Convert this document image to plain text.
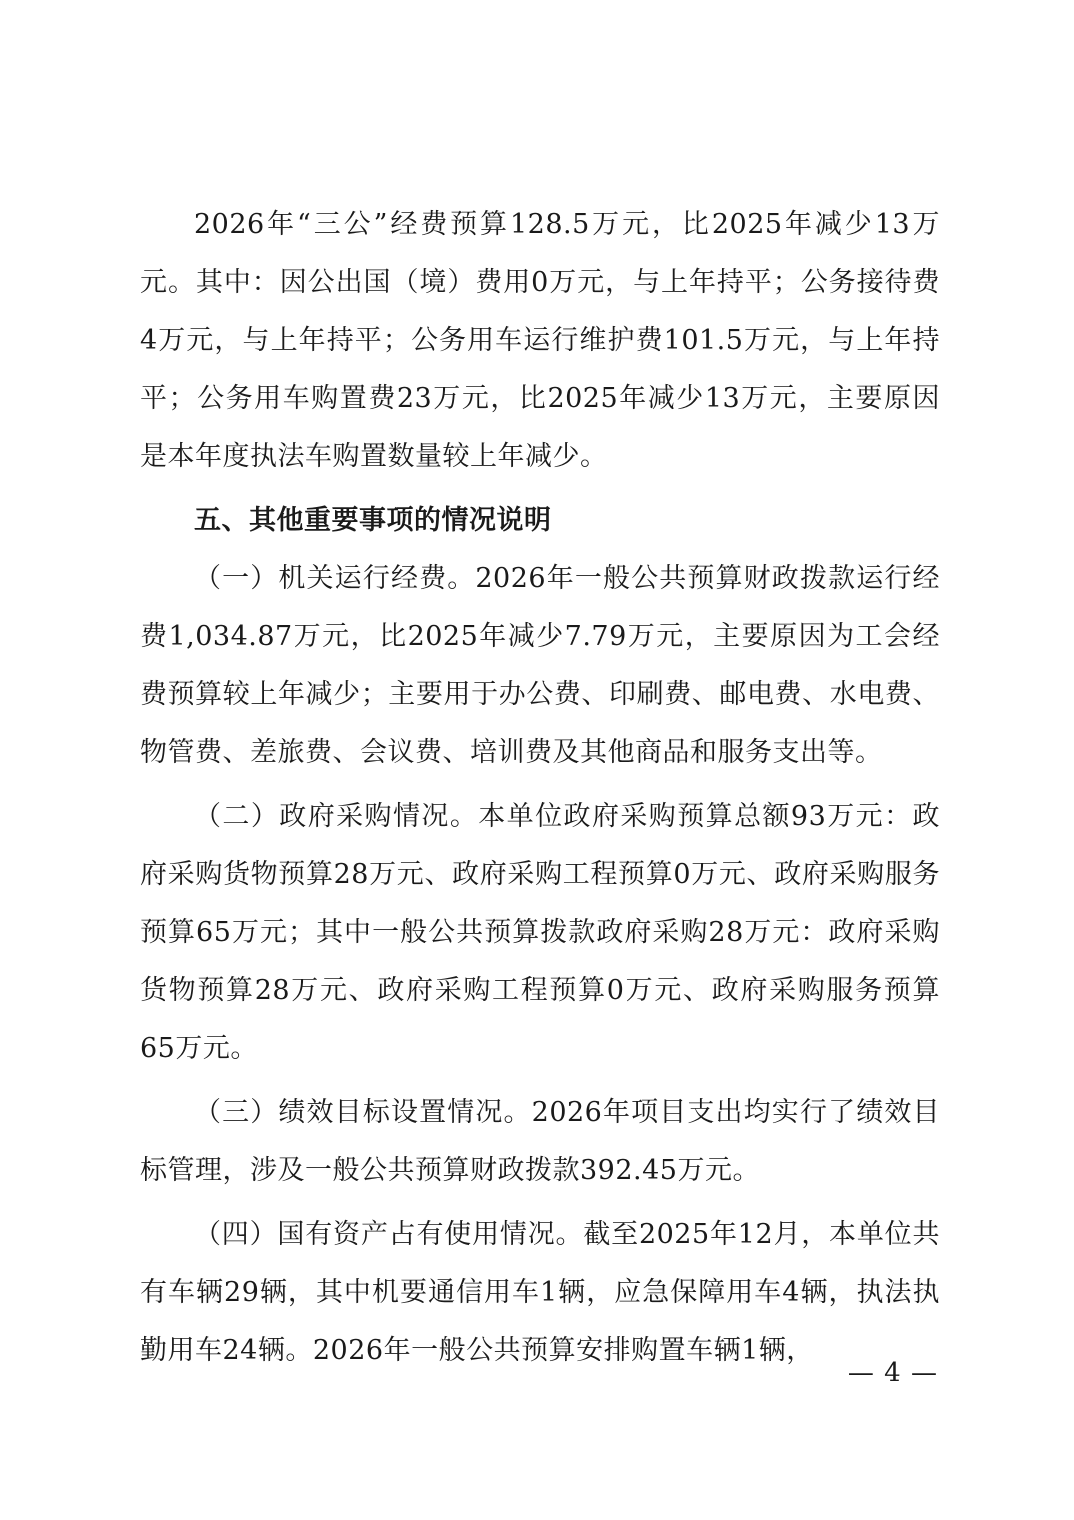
2026年“三公”经费预算128.5万元，比2025年减少13万元。其中：因公出国（境）费用0万元，与上年持平；公务接待费4万元，与上年持平；公务用车运行维护费101.5万元，与上年持平；公务用车购置费23万元，比2025年减少13万元，主要原因是本年度执法车购置数量较上年减少。

五、其他重要事项的情况说明

（一）机关运行经费。2026年一般公共预算财政拨款运行经费1,034.87万元，比2025年减少7.79万元，主要原因为工会经费预算较上年减少；主要用于办公费、印刷费、邮电费、水电费、物管费、差旅费、会议费、培训费及其他商品和服务支出等。

（二）政府采购情况。本单位政府采购预算总额93万元：政府采购货物预算28万元、政府采购工程预算0万元、政府采购服务预算65万元；其中一般公共预算拨款政府采购28万元：政府采购货物预算28万元、政府采购工程预算0万元、政府采购服务预算65万元。

（三）绩效目标设置情况。2026年项目支出均实行了绩效目标管理，涉及一般公共预算财政拨款392.45万元。

（四）国有资产占有使用情况。截至2025年12月，本单位共有车辆29辆，其中机要通信用车1辆，应急保障用车4辆，执法执勤用车24辆。2026年一般公共预算安排购置车辆1辆，

— 4 —
